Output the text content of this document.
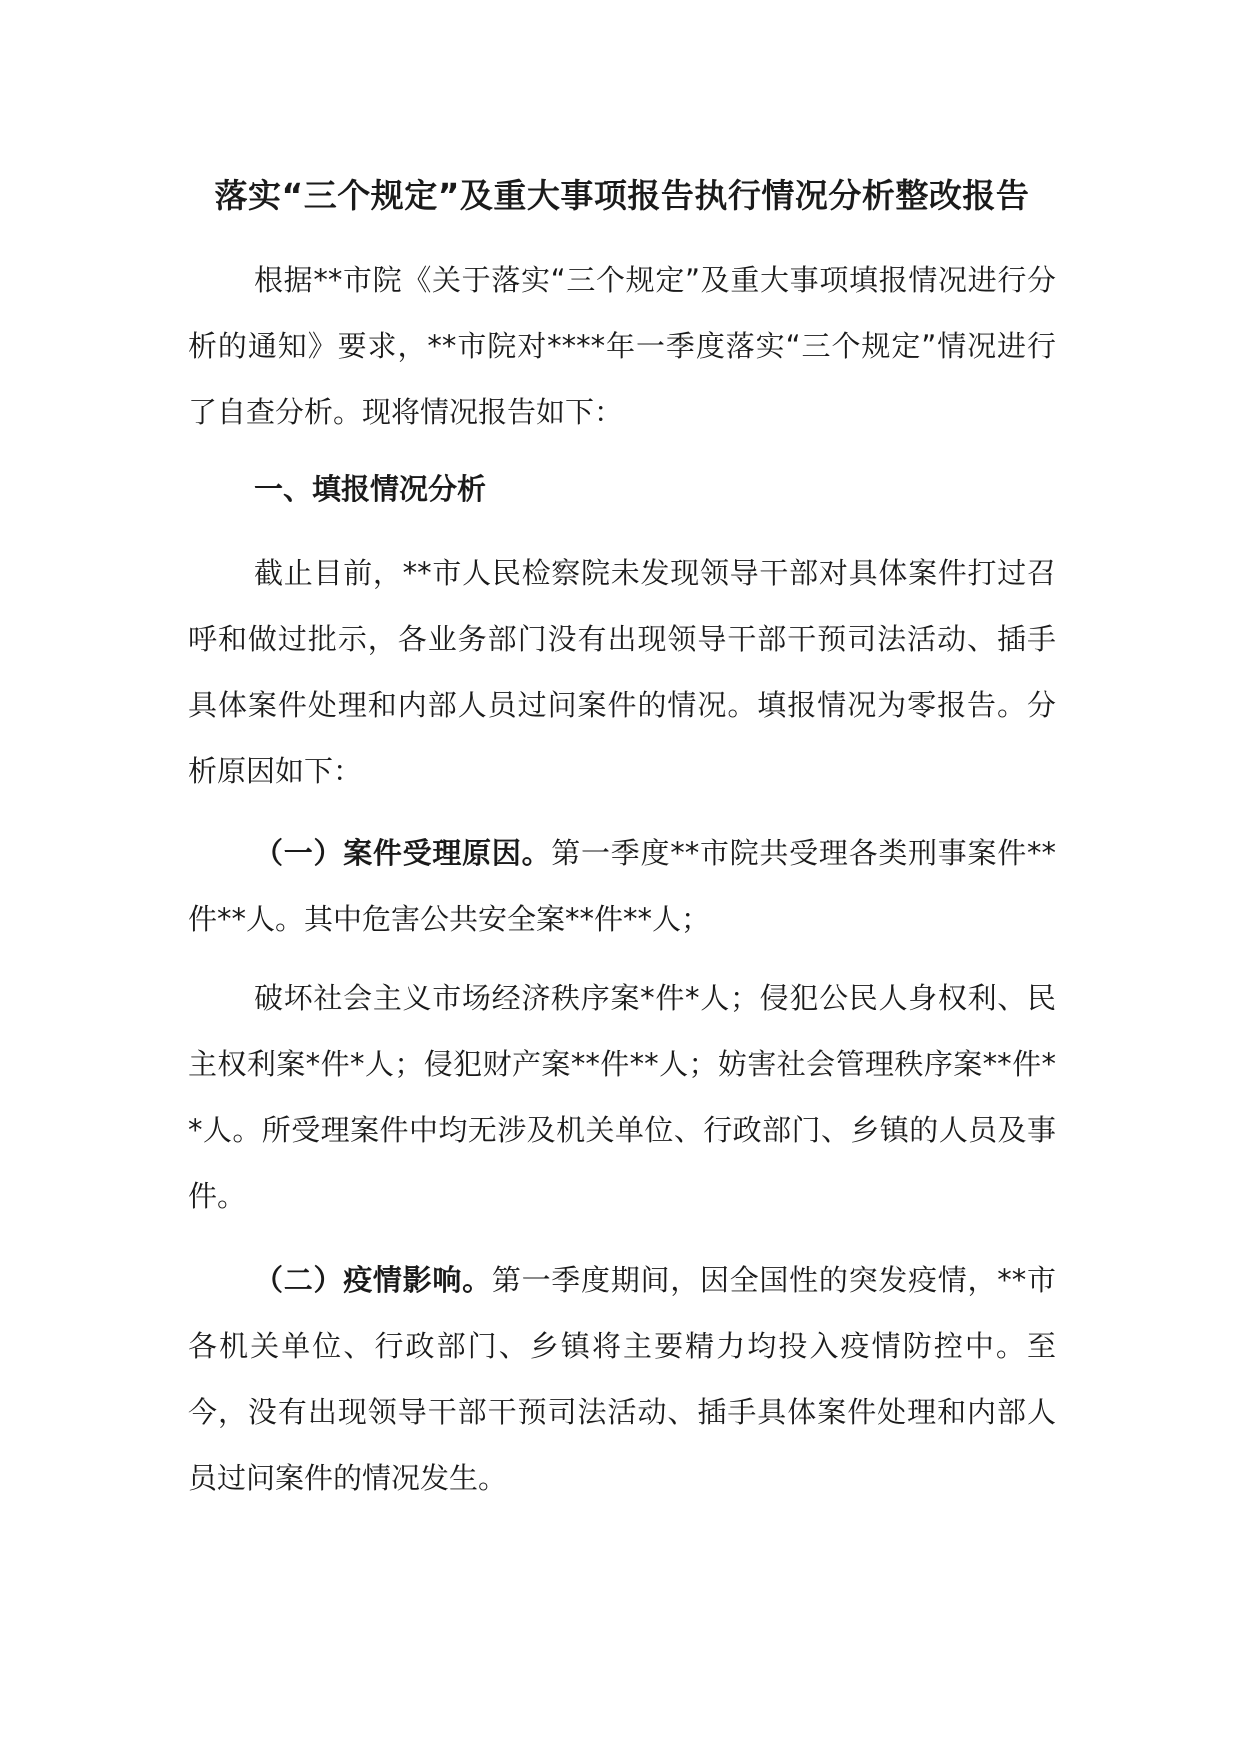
落实“三个规定”及重大事项报告执行情况分析整改报告

根据**市院《关于落实“三个规定”及重大事项填报情况进行分析的通知》要求，**市院对****年一季度落实“三个规定”情况进行了自查分析。现将情况报告如下：

一、填报情况分析

截止目前，**市人民检察院未发现领导干部对具体案件打过召呼和做过批示，各业务部门没有出现领导干部干预司法活动、插手具体案件处理和内部人员过问案件的情况。填报情况为零报告。分析原因如下：

（一）案件受理原因。第一季度**市院共受理各类刑事案件**件**人。其中危害公共安全案**件**人；

破坏社会主义市场经济秩序案*件*人；侵犯公民人身权利、民主权利案*件*人；侵犯财产案**件**人；妨害社会管理秩序案**件**人。所受理案件中均无涉及机关单位、行政部门、乡镇的人员及事件。

（二）疫情影响。第一季度期间，因全国性的突发疫情，**市各机关单位、行政部门、乡镇将主要精力均投入疫情防控中。至今，没有出现领导干部干预司法活动、插手具体案件处理和内部人员过问案件的情况发生。
